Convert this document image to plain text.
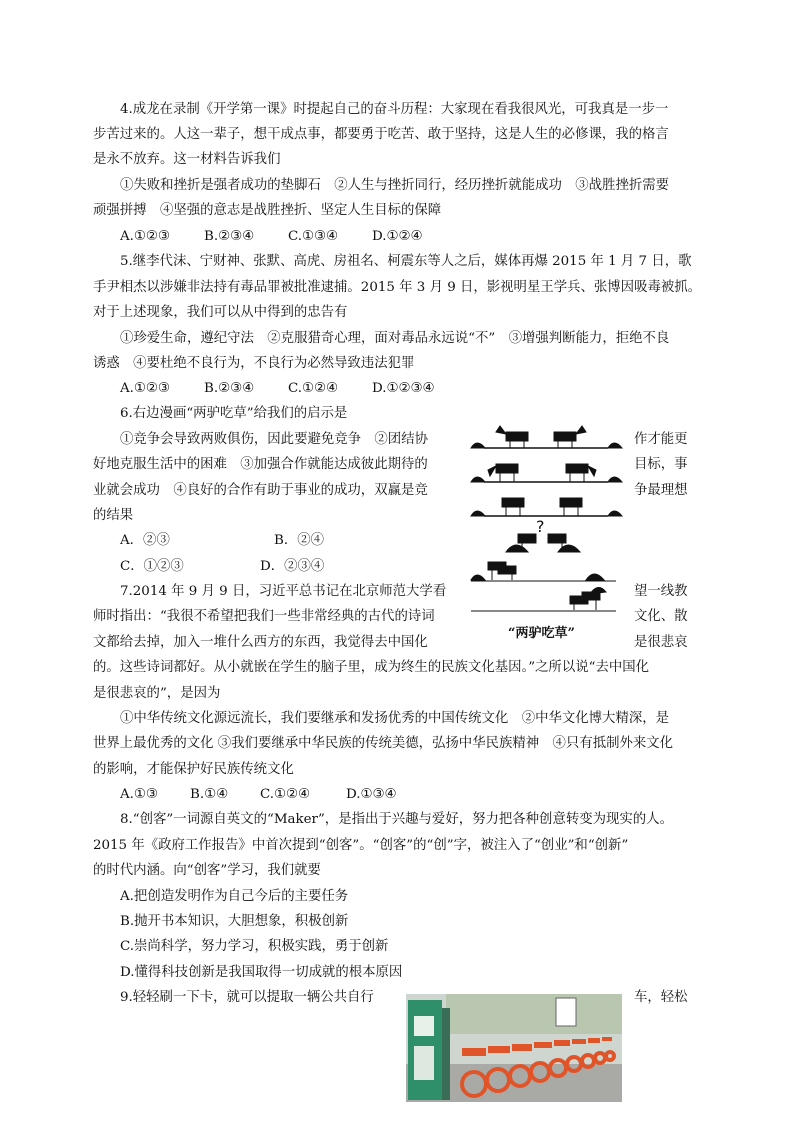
4.成龙在录制《开学第一课》时提起自己的奋斗历程：大家现在看我很风光，可我真是一步一
步苦过来的。人这一辈子，想干成点事，都要勇于吃苦、敢于坚持，这是人生的必修课，我的格言
是永不放弃。这一材料告诉我们
①失败和挫折是强者成功的垫脚石　②人生与挫折同行，经历挫折就能成功　③战胜挫折需要
顽强拼搏　④坚强的意志是战胜挫折、坚定人生目标的保障
A.①②③	B.②③④	C.①③④	D.①②④
5.继李代沫、宁财神、张默、高虎、房祖名、柯震东等人之后，媒体再爆 2015 年 1 月 7 日，歌
手尹相杰以涉嫌非法持有毒品罪被批准逮捕。2015 年 3 月 9 日，影视明星王学兵、张博因吸毒被抓。
对于上述现象，我们可以从中得到的忠告有
①珍爱生命，遵纪守法　②克服猎奇心理，面对毒品永远说“不”　③增强判断能力，拒绝不良
诱惑　④要杜绝不良行为，不良行为必然导致违法犯罪
A.①②③	B.②③④	C.①②④	D.①②③④
6.右边漫画“两驴吃草”给我们的启示是
①竞争会导致两败俱伤，因此要避免竞争　②团结协	作才能更
好地克服生活中的困难　③加强合作就能达成彼此期待的	目标，事
业就会成功　④良好的合作有助于事业的成功，双赢是竞	争最理想
的结果
A．②③	B．②④
C．①②③	D．②③④
?
“两驴吃草”
7.2014 年 9 月 9 日，习近平总书记在北京师范大学看	望一线教
师时指出：“我很不希望把我们一些非常经典的古代的诗词	文化、散
文都给去掉，加入一堆什么西方的东西，我觉得去中国化	是很悲哀
的。这些诗词都好。从小就嵌在学生的脑子里，成为终生的民族文化基因。”之所以说“去中国化
是很悲哀的”，是因为
①中华传统文化源远流长，我们要继承和发扬优秀的中国传统文化　②中华文化博大精深，是
世界上最优秀的文化 ③我们要继承中华民族的传统美德，弘扬中华民族精神　④只有抵制外来文化
的影响，才能保护好民族传统文化
A.①③ B.①④ C.①②④	D.①③④
8.“创客”一词源自英文的“Maker”，是指出于兴趣与爱好，努力把各种创意转变为现实的人。
2015 年《政府工作报告》中首次提到“创客”。“创客”的“创”字，被注入了“创业”和“创新”
的时代内涵。向“创客”学习，我们就要
A.把创造发明作为自己今后的主要任务
B.抛开书本知识，大胆想象，积极创新
C.崇尚科学，努力学习，积极实践，勇于创新
D.懂得科技创新是我国取得一切成就的根本原因
9.轻轻刷一下卡，就可以提取一辆公共自行	车，轻松
